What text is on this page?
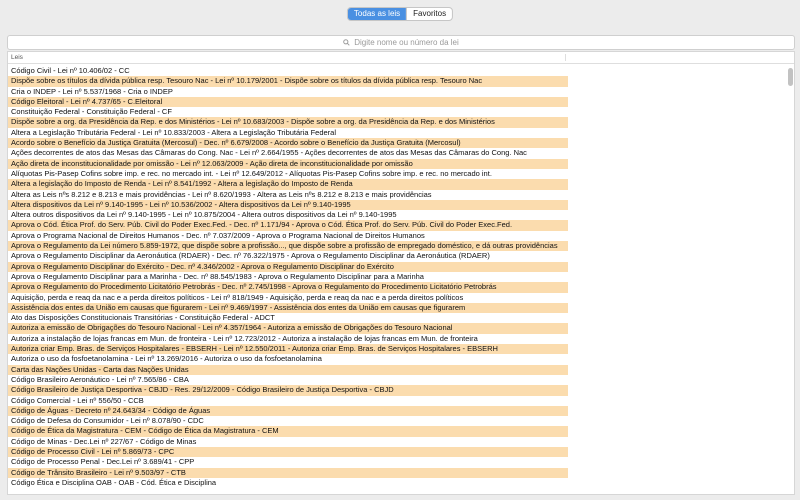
Todas as leis	Favoritos
Digite nome ou número da lei
Leis
Código Civil - Lei nº 10.406/02 - CC
Dispõe sobre os títulos da dívida pública resp. Tesouro Nac - Lei nº 10.179/2001 - Dispõe sobre os títulos da dívida pública resp. Tesouro Nac
Cria o INDEP - Lei nº 5.537/1968 - Cria o INDEP
Código Eleitoral - Lei nº 4.737/65 - C.Eleitoral
Constituição Federal - Constituição Federal - CF
Dispõe sobre a org. da Presidência da Rep. e dos Ministérios - Lei nº 10.683/2003 - Dispõe sobre a org. da Presidência da Rep. e dos Ministérios
Altera a Legislação Tributária Federal - Lei nº 10.833/2003 - Altera a Legislação Tributária Federal
Acordo sobre o Benefício da Justiça Gratuita (Mercosul) - Dec. nº 6.679/2008 - Acordo sobre o Benefício da Justiça Gratuita (Mercosul)
Ações decorrentes de atos das Mesas das Câmaras do Cong. Nac - Lei nº 2.664/1955 - Ações decorrentes de atos das Mesas das Câmaras do Cong. Nac
Ação direta de inconstitucionalidade por omissão - Lei nº 12.063/2009 - Ação direta de inconstitucionalidade por omissão
Alíquotas Pis-Pasep Cofins sobre imp. e rec. no mercado int. - Lei nº 12.649/2012 - Alíquotas Pis-Pasep Cofins sobre imp. e rec. no mercado int.
Altera a legislação do Imposto de Renda - Lei nº 8.541/1992 - Altera a legislação do Imposto de Renda
Altera as Leis nºs 8.212 e 8.213 e mais providências - Lei nº 8.620/1993 - Altera as Leis nºs 8.212 e 8.213 e mais providências
Altera dispositivos da Lei nº 9.140-1995 - Lei nº 10.536/2002 - Altera dispositivos da Lei nº 9.140-1995
Altera outros dispositivos da Lei nº 9.140-1995 - Lei nº 10.875/2004 - Altera outros dispositivos da Lei nº 9.140-1995
Aprova o Cód. Ética Prof. do Serv. Púb. Civil do Poder Exec.Fed. - Dec. nº 1.171/94 - Aprova o Cód. Ética Prof. do Serv. Púb. Civil do Poder Exec.Fed.
Aprova o Programa Nacional de Direitos Humanos - Dec. nº 7.037/2009 - Aprova o Programa Nacional de Direitos Humanos
Aprova o Regulamento da Lei número 5.859-1972, que dispõe sobre a profissão..., que dispõe sobre a profissão de empregado doméstico, e dá outras providências
Aprova o Regulamento Disciplinar da Aeronáutica (RDAER) - Dec. nº 76.322/1975 - Aprova o Regulamento Disciplinar da Aeronáutica (RDAER)
Aprova o Regulamento Disciplinar do Exército - Dec. nº 4.346/2002 - Aprova o Regulamento Disciplinar do Exército
Aprova o Regulamento Disciplinar para a Marinha - Dec. nº 88.545/1983 - Aprova o Regulamento Disciplinar para a Marinha
Aprova o Regulamento do Procedimento Licitatório Petrobrás - Dec. nº 2.745/1998 - Aprova o Regulamento do Procedimento Licitatório Petrobrás
Aquisição, perda e reaq da nac e a perda direitos políticos - Lei nº 818/1949 - Aquisição, perda e reaq da nac e a perda direitos políticos
Assistência dos entes da União em causas que figurarem - Lei nº 9.469/1997 - Assistência dos entes da União em causas que figurarem
Ato das Disposições Constitucionais Transitórias - Constituição Federal - ADCT
Autoriza a emissão de Obrigações do Tesouro Nacional - Lei nº 4.357/1964 - Autoriza a emissão de Obrigações do Tesouro Nacional
Autoriza a instalação de lojas francas em Mun. de fronteira - Lei nº 12.723/2012 - Autoriza a instalação de lojas francas em Mun. de fronteira
Autoriza criar Emp. Bras. de Serviços Hospitalares - EBSERH - Lei nº 12.550/2011 - Autoriza criar Emp. Bras. de Serviços Hospitalares - EBSERH
Autoriza o uso da fosfoetanolamina - Lei nº 13.269/2016 - Autoriza o uso da fosfoetanolamina
Carta das Nações Unidas - Carta das Nações Unidas
Código Brasileiro Aeronáutico - Lei nº 7.565/86 - CBA
Código Brasileiro de Justiça Desportiva - CBJD - Res. 29/12/2009 - Código Brasileiro de Justiça Desportiva - CBJD
Código Comercial - Lei nº 556/50 - CCB
Código de Águas - Decreto nº 24.643/34 - Código de Águas
Código de Defesa do Consumidor - Lei nº 8.078/90 - CDC
Código de Ética da Magistratura - CEM - Código de Ética da Magistratura - CEM
Código de Minas - Dec.Lei nº 227/67 - Código de Minas
Código de Processo Civil - Lei nº 5.869/73 - CPC
Código de Processo Penal - Dec.Lei nº 3.689/41 - CPP
Código de Trânsito Brasileiro - Lei nº 9.503/97 - CTB
Código Ética e Disciplina OAB - OAB - Cód. Ética e Disciplina
